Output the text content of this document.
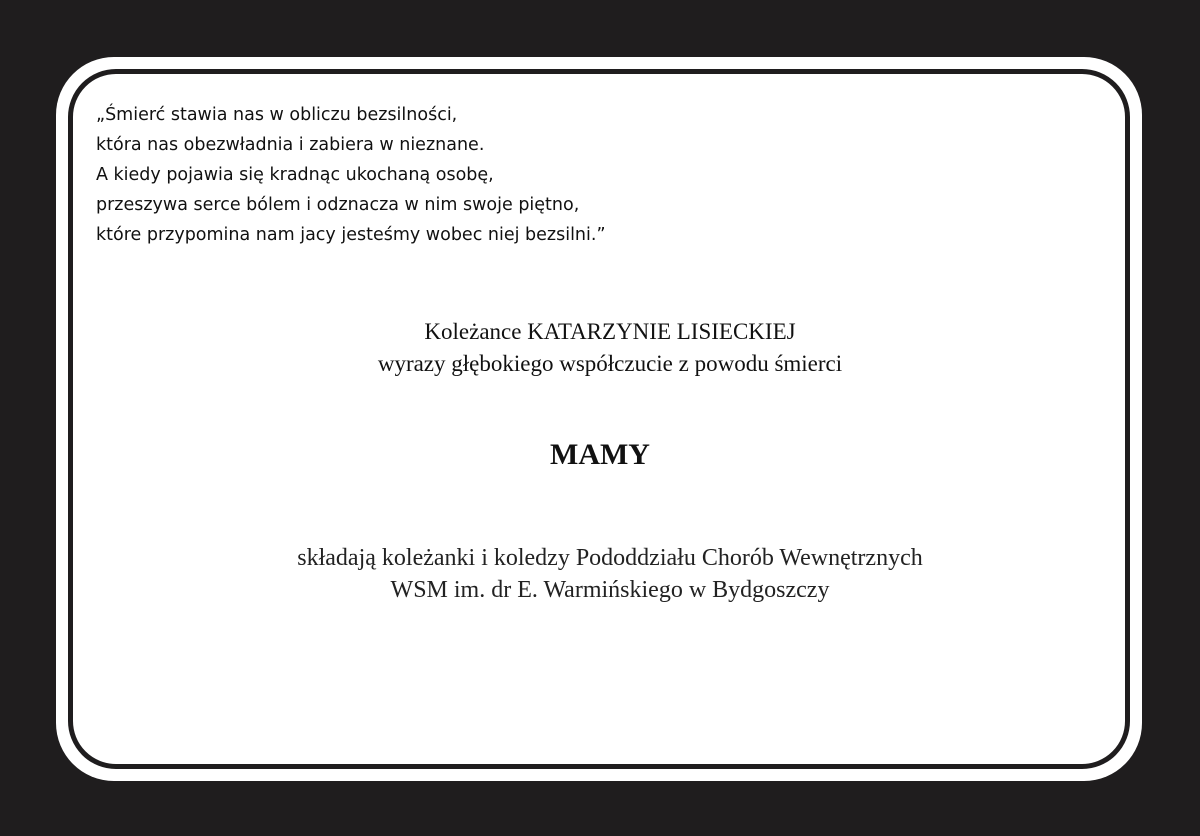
„Śmierć stawia nas w obliczu bezsilności,
która nas obezwładnia i zabiera w nieznane.
A kiedy pojawia się kradnąc ukochaną osobę,
przeszywa serce bólem i odznacza w nim swoje piętno,
które przypomina nam jacy jesteśmy wobec niej bezsilni.”
Koleżance KATARZYNIE LISIECKIEJ
wyrazy głębokiego współczucie z powodu śmierci
MAMY
składają koleżanki i koledzy Pododdziału Chorób Wewnętrznych
WSM im. dr E. Warmińskiego w Bydgoszczy
